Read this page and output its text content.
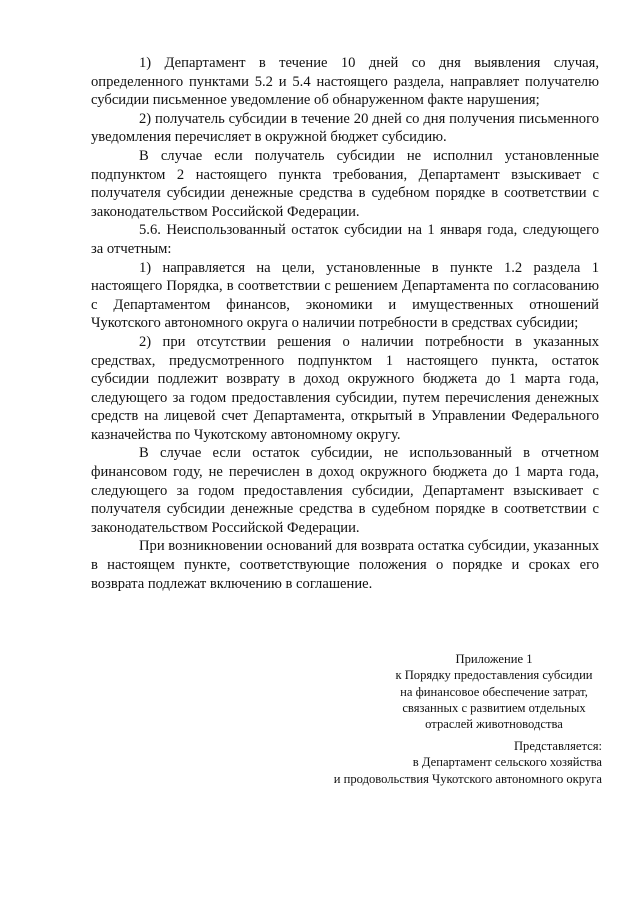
1) Департамент в течение 10 дней со дня выявления случая, определенного пунктами 5.2 и 5.4 настоящего раздела, направляет получателю субсидии письменное уведомление об обнаруженном факте нарушения;

2) получатель субсидии в течение 20 дней со дня получения письменного уведомления перечисляет в окружной бюджет субсидию.

В случае если получатель субсидии не исполнил установленные подпунктом 2 настоящего пункта требования, Департамент взыскивает с получателя субсидии денежные средства в судебном порядке в соответствии с законодательством Российской Федерации.

5.6. Неиспользованный остаток субсидии на 1 января года, следующего за отчетным:

1) направляется на цели, установленные в пункте 1.2 раздела 1 настоящего Порядка, в соответствии с решением Департамента по согласованию с Департаментом финансов, экономики и имущественных отношений Чукотского автономного округа о наличии потребности в средствах субсидии;

2) при отсутствии решения о наличии потребности в указанных средствах, предусмотренного подпунктом 1 настоящего пункта, остаток субсидии подлежит возврату в доход окружного бюджета до 1 марта года, следующего за годом предоставления субсидии, путем перечисления денежных средств на лицевой счет Департамента, открытый в Управлении Федерального казначейства по Чукотскому автономному округу.

В случае если остаток субсидии, не использованный в отчетном финансовом году, не перечислен в доход окружного бюджета до 1 марта года, следующего за годом предоставления субсидии, Департамент взыскивает с получателя субсидии денежные средства в судебном порядке в соответствии с законодательством Российской Федерации.

При возникновении оснований для возврата остатка субсидии, указанных в настоящем пункте, соответствующие положения о порядке и сроках его возврата подлежат включению в соглашение.

Приложение 1
к Порядку предоставления субсидии
на финансовое обеспечение затрат,
связанных с развитием отдельных
отраслей животноводства
Представляется:
в Департамент сельского хозяйства
и продовольствия Чукотского автономного округа
